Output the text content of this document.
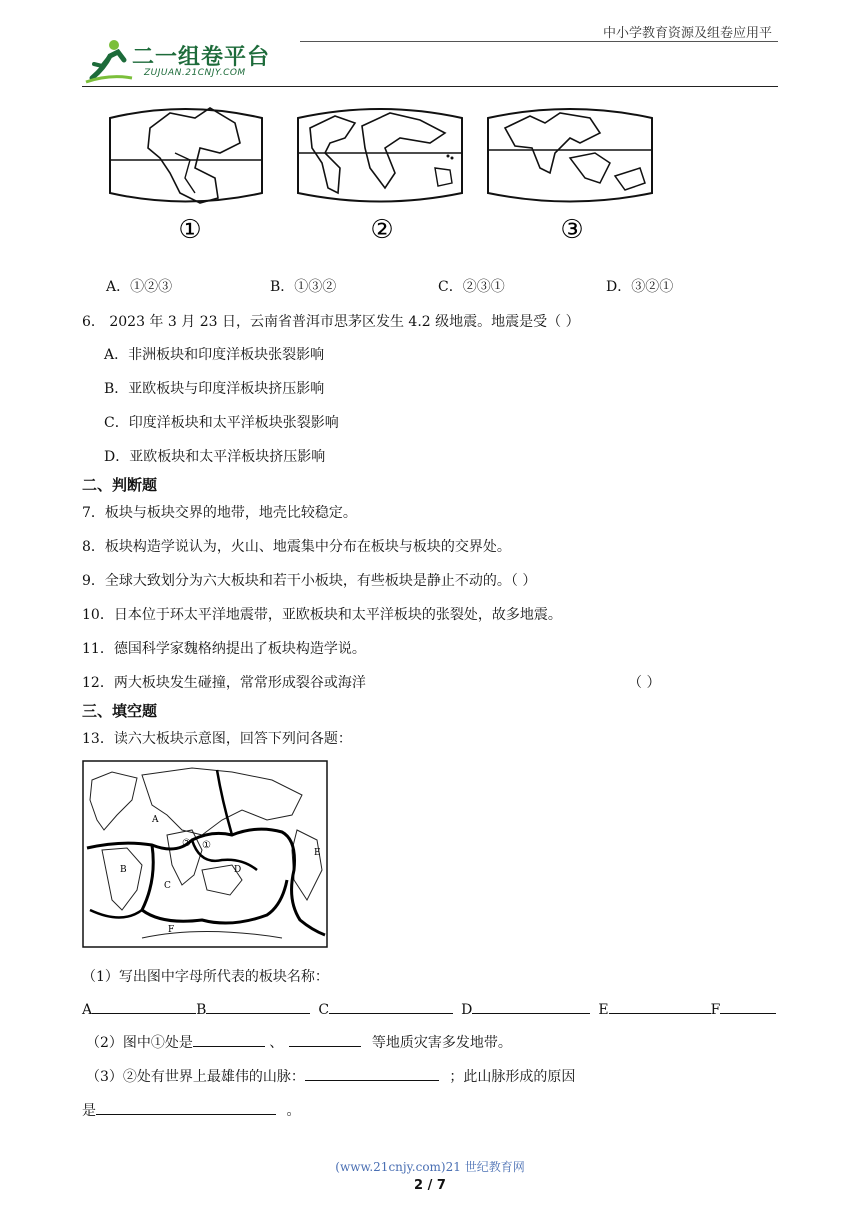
中小学教育资源及组卷应用平
二一组卷平台
ZUJUAN.21CNJY.COM
①	②	③
A．①②③	B．①③②	C．②③①	D．③②①
6． 2023 年 3 月 23 日，云南省普洱市思茅区发生 4.2 级地震。地震是受（ ）
A．非洲板块和印度洋板块张裂影响
B．亚欧板块与印度洋板块挤压影响
C．印度洋板块和太平洋板块张裂影响
D．亚欧板块和太平洋板块挤压影响
二、判断题
7．板块与板块交界的地带，地壳比较稳定。
8．板块构造学说认为，火山、地震集中分布在板块与板块的交界处。
9．全球大致划分为六大板块和若干小板块，有些板块是静止不动的。（ ）
10．日本位于环太平洋地震带，亚欧板块和太平洋板块的张裂处，故多地震。
11．德国科学家魏格纳提出了板块构造学说。
12．两大板块发生碰撞，常常形成裂谷或海洋	（ ）
三、填空题
13．读六大板块示意图，回答下列问各题：
A
B
C
D
E
F
①
②
（1）写出图中字母所代表的板块名称：
A	B	C	D	E	F
（2）图中①处是	、	等地质灾害多发地带。
（3）②处有世界上最雄伟的山脉：	；此山脉形成的原因
是	。
(www.21cnjy.com)21 世纪教育网
2 / 7
